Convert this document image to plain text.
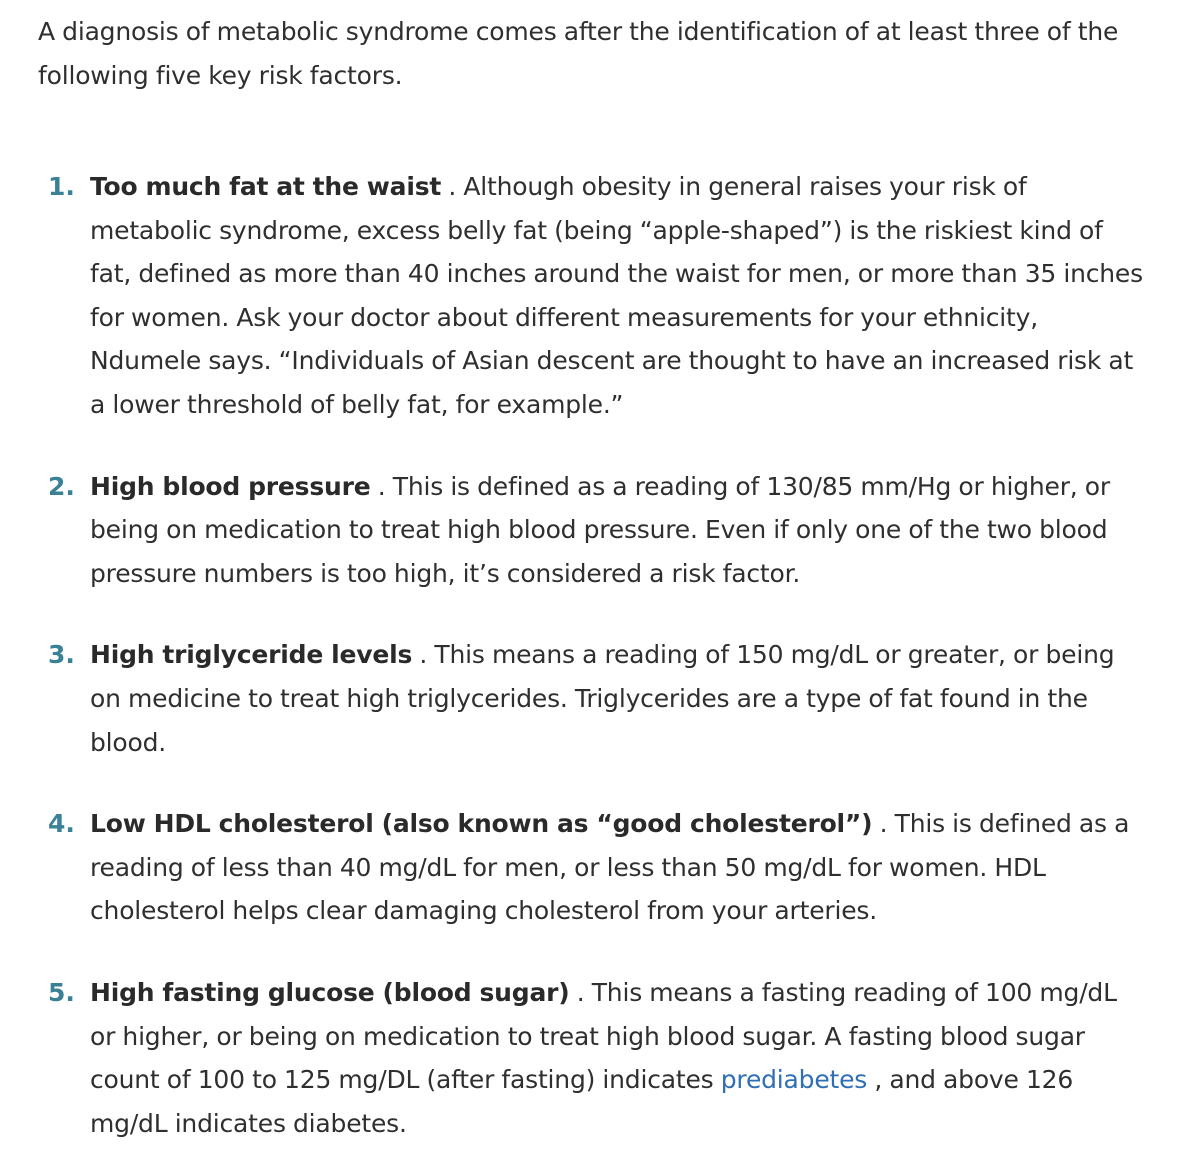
A diagnosis of metabolic syndrome comes after the identification of at least three of the following five key risk factors.

1. Too much fat at the waist . Although obesity in general raises your risk of metabolic syndrome, excess belly fat (being “apple-shaped”) is the riskiest kind of fat, defined as more than 40 inches around the waist for men, or more than 35 inches for women. Ask your doctor about different measurements for your ethnicity, Ndumele says. “Individuals of Asian descent are thought to have an increased risk at a lower threshold of belly fat, for example.”
2. High blood pressure . This is defined as a reading of 130/85 mm/Hg or higher, or being on medication to treat high blood pressure. Even if only one of the two blood pressure numbers is too high, it’s considered a risk factor.
3. High triglyceride levels . This means a reading of 150 mg/dL or greater, or being on medicine to treat high triglycerides. Triglycerides are a type of fat found in the blood.
4. Low HDL cholesterol (also known as “good cholesterol”) . This is defined as a reading of less than 40 mg/dL for men, or less than 50 mg/dL for women. HDL cholesterol helps clear damaging cholesterol from your arteries.
5. High fasting glucose (blood sugar) . This means a fasting reading of 100 mg/dL or higher, or being on medication to treat high blood sugar. A fasting blood sugar count of 100 to 125 mg/DL (after fasting) indicates prediabetes , and above 126 mg/dL indicates diabetes.
